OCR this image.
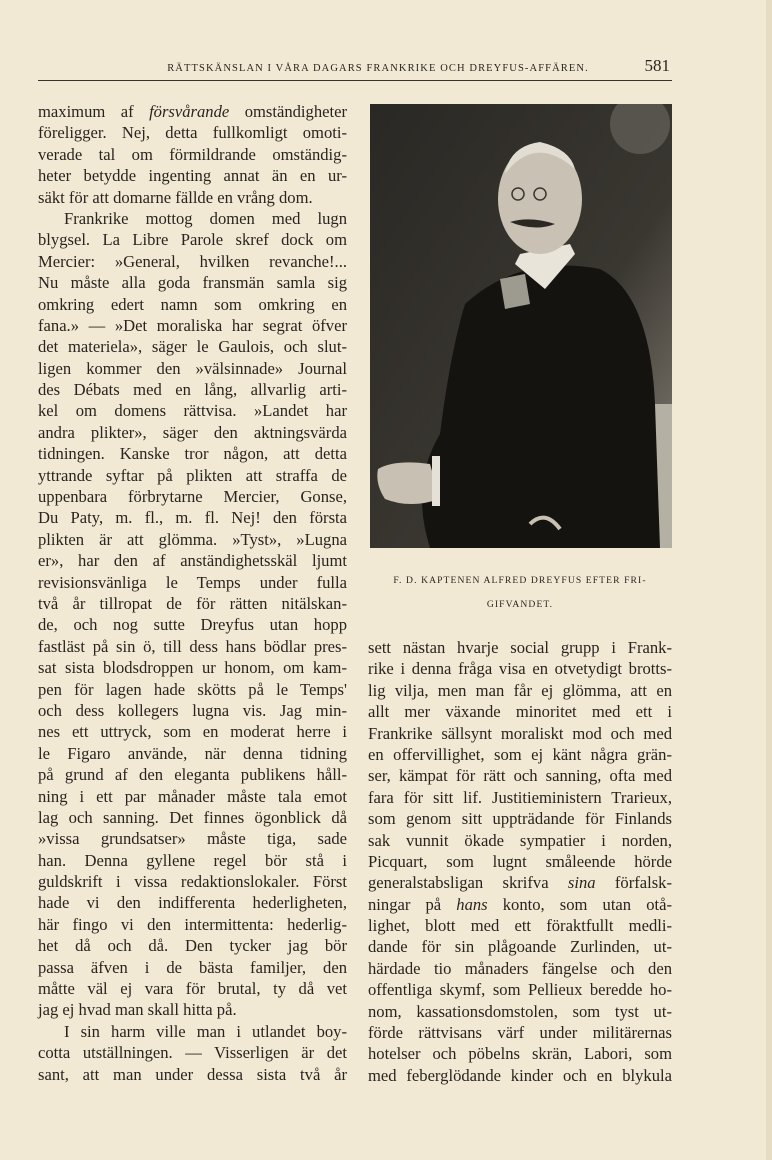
RÄTTSKÄNSLAN I VÅRA DAGARS FRANKRIKE OCH DREYFUS-AFFÄREN.	581
maximum af försvårande omständigheter
föreligger. Nej, detta fullkomligt omoti-
verade tal om förmildrande omständig-
heter betydde ingenting annat än en ur-
säkt för att domarne fällde en vrång dom.
Frankrike mottog domen med lugn
blygsel. La Libre Parole skref dock om
Mercier: »General, hvilken revanche!...
Nu måste alla goda fransmän samla sig
omkring edert namn som omkring en
fana.» — »Det moraliska har segrat öfver
det materiela», säger le Gaulois, och slut-
ligen kommer den »välsinnade» Journal
des Débats med en lång, allvarlig arti-
kel om domens rättvisa. »Landet har
andra plikter», säger den aktningsvärda
tidningen. Kanske tror någon, att detta
yttrande syftar på plikten att straffa de
uppenbara förbrytarne Mercier, Gonse,
Du Paty, m. fl., m. fl. Nej! den första
plikten är att glömma. »Tyst», »Lugna
er», har den af anständighetsskäl ljumt
revisionsvänliga le Temps under fulla
två år tillropat de för rätten nitälskan-
de, och nog sutte Dreyfus utan hopp
fastläst på sin ö, till dess hans bödlar pres-
sat sista blodsdroppen ur honom, om kam-
pen för lagen hade skötts på le Temps'
och dess kollegers lugna vis. Jag min-
nes ett uttryck, som en moderat herre i
le Figaro använde, när denna tidning
på grund af den eleganta publikens håll-
ning i ett par månader måste tala emot
lag och sanning. Det finnes ögonblick då
»vissa grundsatser» måste tiga, sade
han. Denna gyllene regel bör stå i
guldskrift i vissa redaktionslokaler. Först
hade vi den indifferenta hederligheten,
här fingo vi den intermittenta: hederlig-
het då och då. Den tycker jag bör
passa äfven i de bästa familjer, den
måtte väl ej vara för brutal, ty då vet
jag ej hvad man skall hitta på.
I sin harm ville man i utlandet boy-
cotta utställningen. — Visserligen är det
sant, att man under dessa sista två år
F. D. KAPTENEN ALFRED DREYFUS EFTER FRI-
GIFVANDET.
sett nästan hvarje social grupp i Frank-
rike i denna fråga visa en otvetydigt brotts-
lig vilja, men man får ej glömma, att en
allt mer växande minoritet med ett i
Frankrike sällsynt moraliskt mod och med
en offervillighet, som ej känt några grän-
ser, kämpat för rätt och sanning, ofta med
fara för sitt lif. Justitieministern Trarieux,
som genom sitt uppträdande för Finlands
sak vunnit ökade sympatier i norden,
Picquart, som lugnt småleende hörde
generalstabsligan skrifva sina förfalsk-
ningar på hans konto, som utan otå-
lighet, blott med ett föraktfullt medli-
dande för sin plågoande Zurlinden, ut-
härdade tio månaders fängelse och den
offentliga skymf, som Pellieux beredde ho-
nom, kassationsdomstolen, som tyst ut-
förde rättvisans värf under militärernas
hotelser och pöbelns skrän, Labori, som
med feberglödande kinder och en blykula
